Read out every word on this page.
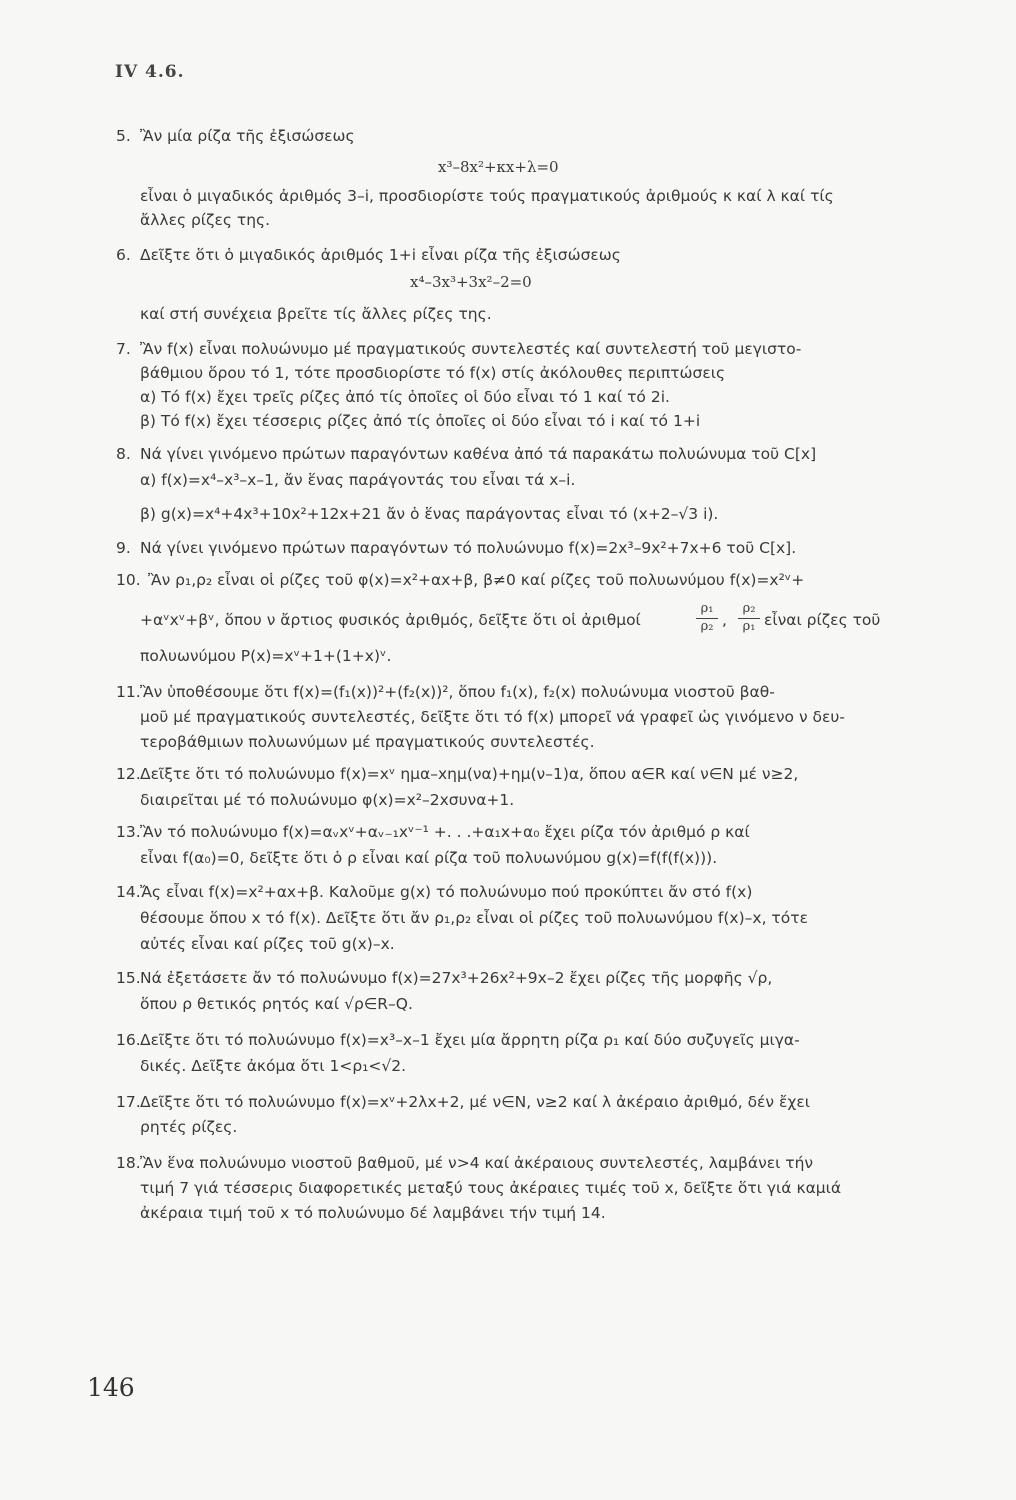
IV 4.6.
5. Ἂν μία ρίζα τῆς ἐξισώσεως
x³–8x²+κx+λ=0
εἶναι ὁ μιγαδικός ἀριθμός 3–i, προσδιορίστε τούς πραγματικούς ἀριθμούς κ καί λ καί τίς
ἄλλες ρίζες της.
6. Δεῖξτε ὅτι ὁ μιγαδικός ἀριθμός 1+i εἶναι ρίζα τῆς ἐξισώσεως
x⁴–3x³+3x²–2=0
καί στή συνέχεια βρεῖτε τίς ἄλλες ρίζες της.
7. Ἂν f(x) εἶναι πολυώνυμο μέ πραγματικούς συντελεστές καί συντελεστή τοῦ μεγιστο-
βάθμιου ὅρου τό 1, τότε προσδιορίστε τό f(x) στίς ἀκόλουθες περιπτώσεις
α) Τό f(x) ἔχει τρεῖς ρίζες ἀπό τίς ὁποῖες οἱ δύο εἶναι τό 1 καί τό 2i.
β) Τό f(x) ἔχει τέσσερις ρίζες ἀπό τίς ὁποῖες οἱ δύο εἶναι τό i καί τό 1+i
8. Νά γίνει γινόμενο πρώτων παραγόντων καθένα ἀπό τά παρακάτω πολυώνυμα τοῦ C[x]
α) f(x)=x⁴–x³–x–1, ἄν ἕνας παράγοντάς του εἶναι τά x–i.
β) g(x)=x⁴+4x³+10x²+12x+21 ἄν ὁ ἕνας παράγοντας εἶναι τό (x+2–√3 i).
9. Νά γίνει γινόμενο πρώτων παραγόντων τό πολυώνυμο f(x)=2x³–9x²+7x+6 τοῦ C[x].
10. Ἂν ρ₁,ρ₂ εἶναι οἱ ρίζες τοῦ φ(x)=x²+αx+β, β≠0 καί ρίζες τοῦ πολυωνύμου f(x)=x²ᵛ+
+αᵛxᵛ+βᵛ, ὅπου ν ἄρτιος φυσικός ἀριθμός, δεῖξτε ὅτι οἱ ἀριθμοί
ρ₁
ρ₂ ,
ρ₂
ρ₁ εἶναι ρίζες τοῦ
πολυωνύμου P(x)=xᵛ+1+(1+x)ᵛ.
11. Ἂν ὑποθέσουμε ὅτι f(x)=(f₁(x))²+(f₂(x))², ὅπου f₁(x), f₂(x) πολυώνυμα νιοστοῦ βαθ-
μοῦ μέ πραγματικούς συντελεστές, δεῖξτε ὅτι τό f(x) μπορεῖ νά γραφεῖ ὡς γινόμενο ν δευ-
τεροβάθμιων πολυωνύμων μέ πραγματικούς συντελεστές.
12. Δεῖξτε ὅτι τό πολυώνυμο f(x)=xᵛ ημα–xημ(να)+ημ(ν–1)α, ὅπου α∈R καί ν∈N μέ ν≥2,
διαιρεῖται μέ τό πολυώνυμο φ(x)=x²–2xσυνα+1.
13. Ἂν τό πολυώνυμο f(x)=αᵥxᵛ+αᵥ₋₁xᵛ⁻¹ +. . .+α₁x+α₀ ἔχει ρίζα τόν ἀριθμό ρ καί
εἶναι f(α₀)=0, δεῖξτε ὅτι ὁ ρ εἶναι καί ρίζα τοῦ πολυωνύμου g(x)=f(f(f(x))).
14. Ἄς εἶναι f(x)=x²+αx+β. Καλοῦμε g(x) τό πολυώνυμο πού προκύπτει ἄν στό f(x)
θέσουμε ὅπου x τό f(x). Δεῖξτε ὅτι ἄν ρ₁,ρ₂ εἶναι οἱ ρίζες τοῦ πολυωνύμου f(x)–x, τότε
αὐτές εἶναι καί ρίζες τοῦ g(x)–x.
15. Νά ἐξετάσετε ἄν τό πολυώνυμο f(x)=27x³+26x²+9x–2 ἔχει ρίζες τῆς μορφῆς √ρ,
ὅπου ρ θετικός ρητός καί √ρ∈R–Q.
16. Δεῖξτε ὅτι τό πολυώνυμο f(x)=x³–x–1 ἔχει μία ἄρρητη ρίζα ρ₁ καί δύο συζυγεῖς μιγα-
δικές. Δεῖξτε ἀκόμα ὅτι 1<ρ₁<√2.
17. Δεῖξτε ὅτι τό πολυώνυμο f(x)=xᵛ+2λx+2, μέ ν∈N, ν≥2 καί λ ἀκέραιο ἀριθμό, δέν ἔχει
ρητές ρίζες.
18. Ἂν ἕνα πολυώνυμο νιοστοῦ βαθμοῦ, μέ ν>4 καί ἀκέραιους συντελεστές, λαμβάνει τήν
τιμή 7 γιά τέσσερις διαφορετικές μεταξύ τους ἀκέραιες τιμές τοῦ x, δεῖξτε ὅτι γιά καμιά
ἀκέραια τιμή τοῦ x τό πολυώνυμο δέ λαμβάνει τήν τιμή 14.
146
